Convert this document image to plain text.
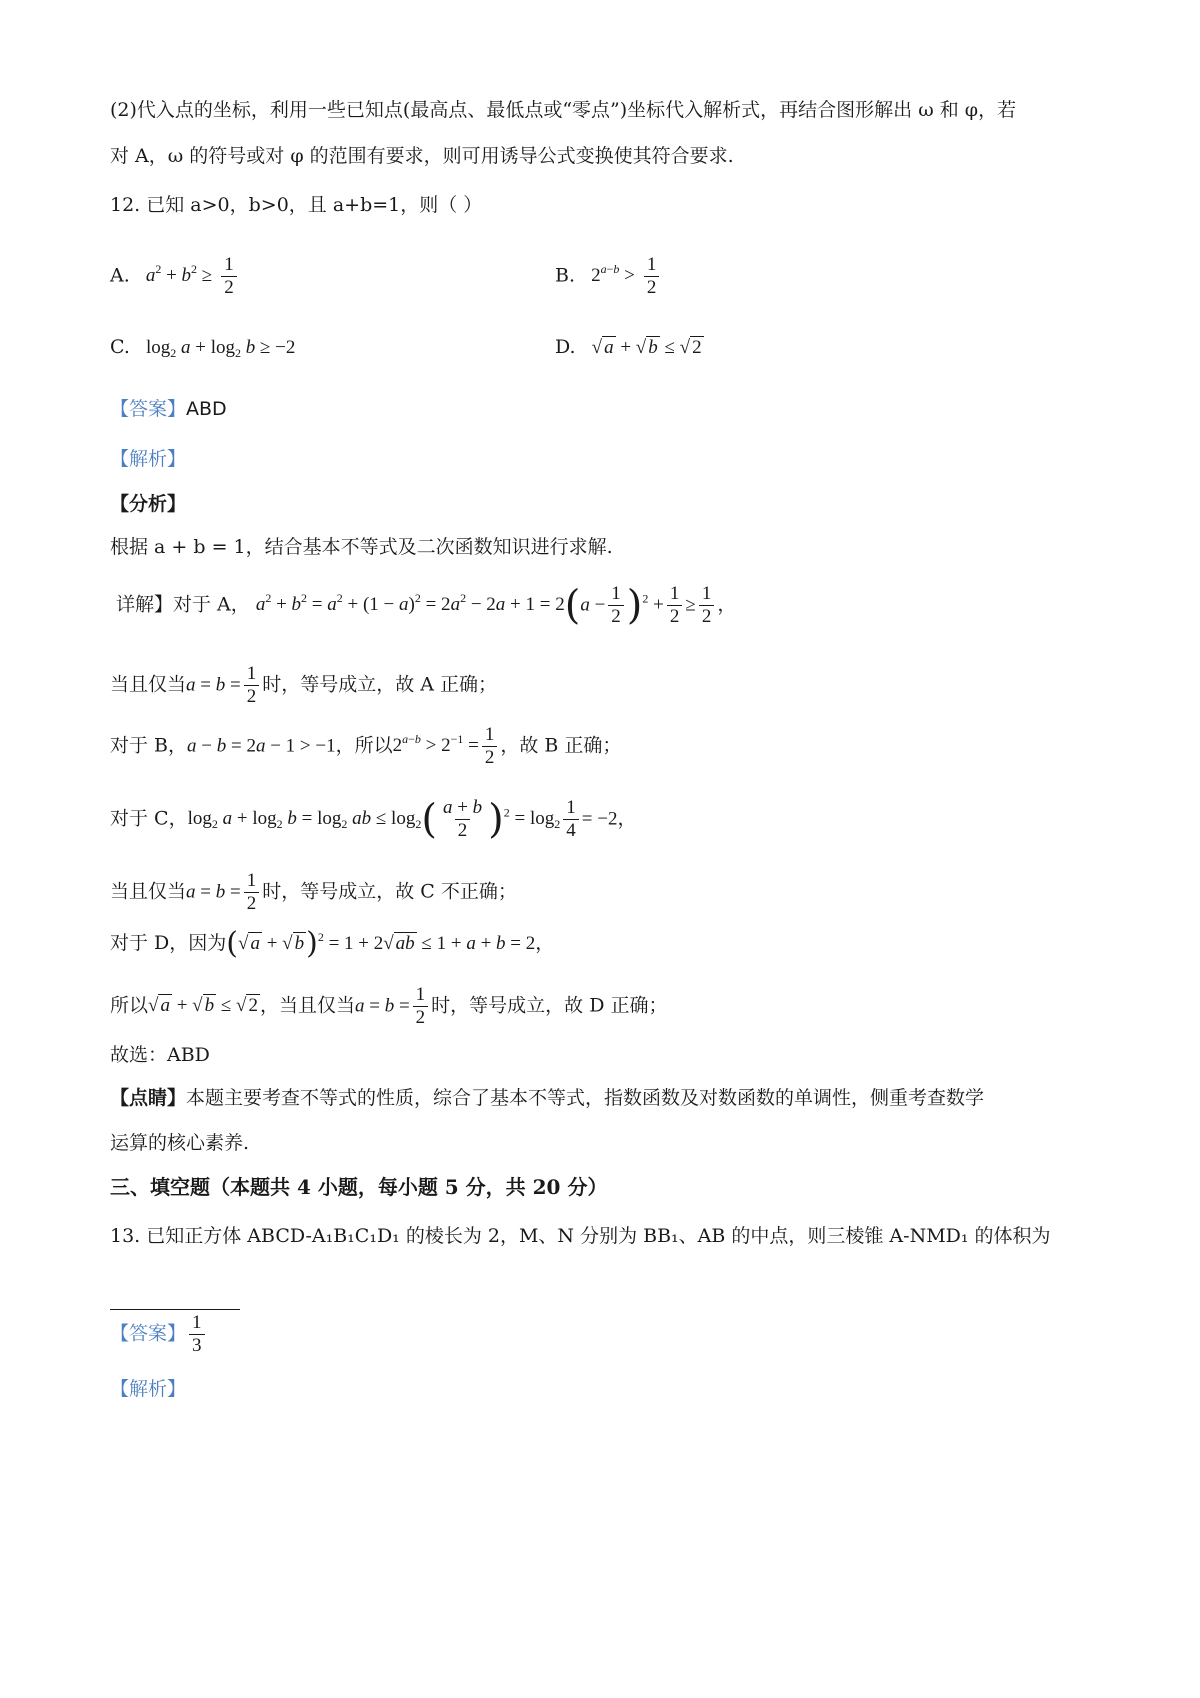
(2)代入点的坐标，利用一些已知点(最高点、最低点或“零点”)坐标代入解析式，再结合图形解出 ω 和 φ，若
对 A，ω 的符号或对 φ 的范围有要求，则可用诱导公式变换使其符合要求.
12. 已知 a>0，b>0，且 a+b=1，则（ ）
A. $a^2 + b^2 \ge \frac{1}{2}$	B. $2^{a-b} > \frac{1}{2}$
C. $\log_2 a + \log_2 b \ge -2$	D. √ a + √ b ≤ √ 2
【答案】ABD
【解析】
【分析】
根据 a + b = 1，结合基本不等式及二次函数知识进行求解.
详解】对于 A， $a^2 + b^2 = a^2 + (1 - a)^2 = 2a^2 - 2a + 1 = 2(a - \frac{1}{2} )^2 + \frac{1}{2} \ge \frac{1}{2}$ ，
当且仅当$a = b = \frac{1}{2}$ 时，等号成立，故 A 正确；
对于 B，a − b = 2a − 1 > −1，所以$2^{a-b} > 2^{-1} = \frac{1}{2}$ ，故 B 正确；
对于 C，$\log_2 a + \log_2 b = \log_2$ ab ≤ $\log_2( \frac{a + b}{2} )^2 = \log_2 \frac{1}{4} = -2$，
当且仅当$a = b = \frac{1}{2}$ 时，等号成立，故 C 不正确；
对于 D，因为(√ a + √ b)$^2$ = 1 + 2√ ab ≤ 1 + a + b = 2，
所以√ a + √ b ≤ √ 2 ，当且仅当$a = b = \frac{1}{2}$ 时，等号成立，故 D 正确；
故选：ABD
【点睛】本题主要考查不等式的性质，综合了基本不等式，指数函数及对数函数的单调性，侧重考查数学
运算的核心素养.
三、填空题（本题共 4 小题，每小题 5 分，共 20 分）
13. 已知正方体 ABCD-A₁B₁C₁D₁ 的棱长为 2，M、N 分别为 BB₁、AB 的中点，则三棱锥 A-NMD₁ 的体积为
【答案】 $\frac{1}{3}$
【解析】
